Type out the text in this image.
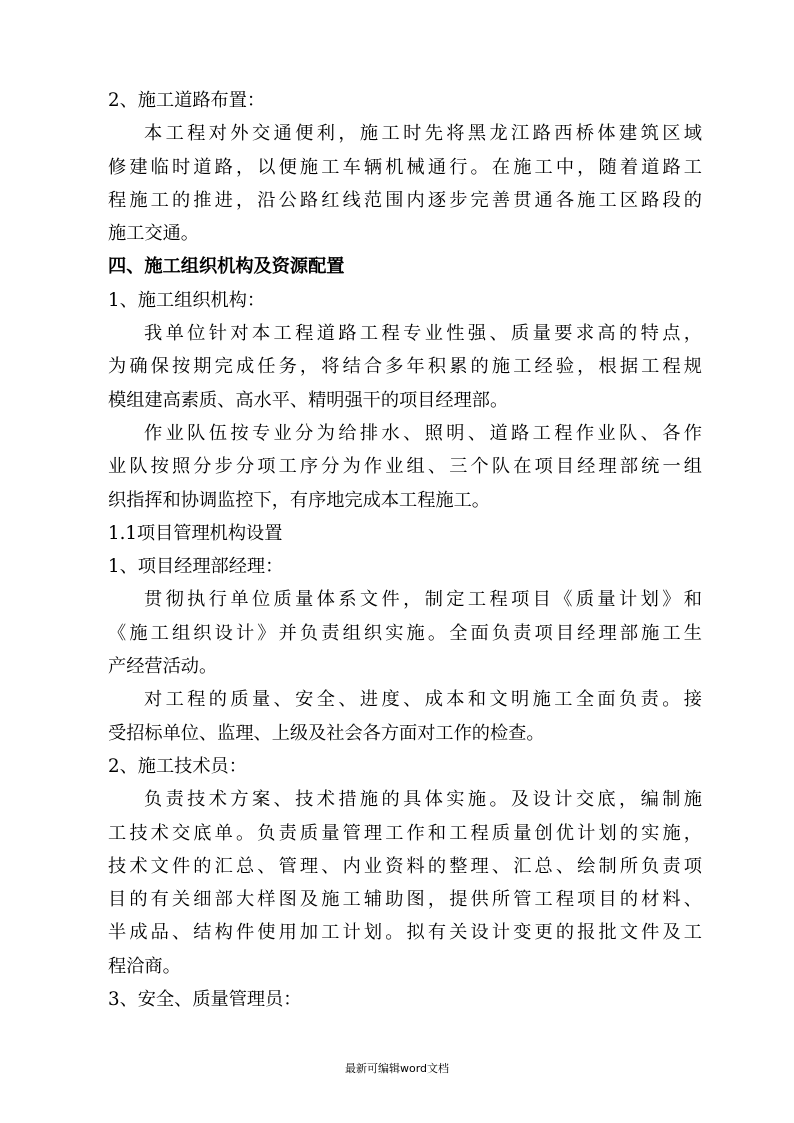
2、施工道路布置：
本工程对外交通便利，施工时先将黑龙江路西桥体建筑区域
修建临时道路，以便施工车辆机械通行。在施工中，随着道路工
程施工的推进，沿公路红线范围内逐步完善贯通各施工区路段的
施工交通。
四、施工组织机构及资源配置
1、施工组织机构：
我单位针对本工程道路工程专业性强、质量要求高的特点，
为确保按期完成任务，将结合多年积累的施工经验，根据工程规
模组建高素质、高水平、精明强干的项目经理部。
作业队伍按专业分为给排水、照明、道路工程作业队、各作
业队按照分步分项工序分为作业组、三个队在项目经理部统一组
织指挥和协调监控下，有序地完成本工程施工。
1.1项目管理机构设置
1、项目经理部经理：
贯彻执行单位质量体系文件，制定工程项目《质量计划》和
《施工组织设计》并负责组织实施。全面负责项目经理部施工生
产经营活动。
对工程的质量、安全、进度、成本和文明施工全面负责。接
受招标单位、监理、上级及社会各方面对工作的检查。
2、施工技术员：
负责技术方案、技术措施的具体实施。及设计交底，编制施
工技术交底单。负责质量管理工作和工程质量创优计划的实施，
技术文件的汇总、管理、内业资料的整理、汇总、绘制所负责项
目的有关细部大样图及施工辅助图，提供所管工程项目的材料、
半成品、结构件使用加工计划。拟有关设计变更的报批文件及工
程洽商。
3、安全、质量管理员：
最新可编辑word文档
